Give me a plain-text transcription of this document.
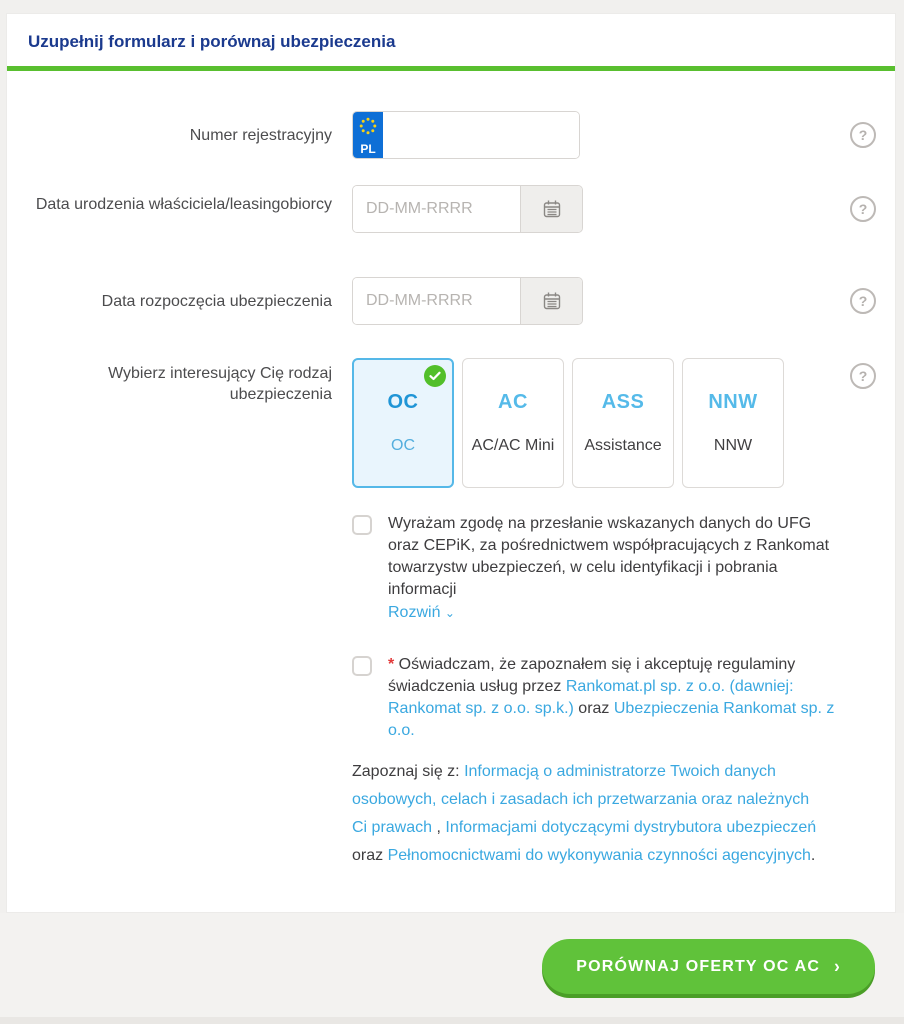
Uzupełnij formularz i porównaj ubezpieczenia
Numer rejestracyjny
PL
?
Data urodzenia właściciela/leasingobiorcy
DD-MM-RRRR	?
Data rozpoczęcia ubezpieczenia
DD-MM-RRRR	?
Wybierz interesujący Cię rodzaj ubezpieczenia	OC
OC
AC
AC/AC Mini
ASS
Assistance
NNW
NNW
?
Wyrażam zgodę na przesłanie wskazanych danych do UFG oraz CEPiK, za pośrednictwem współpracujących z Rankomat towarzystw ubezpieczeń, w celu identyfikacji i pobrania informacji
Rozwiń ⌄
* Oświadczam, że zapoznałem się i akceptuję regulaminy świadczenia usług przez Rankomat.pl sp. z o.o. (dawniej: Rankomat sp. z o.o. sp.k.) oraz Ubezpieczenia Rankomat sp. z o.o.

Zapoznaj się z: Informacją o administratorze Twoich danych osobowych, celach i zasadach ich przetwarzania oraz należnych Ci prawach , Informacjami dotyczącymi dystrybutora ubezpieczeń oraz Pełnomocnictwami do wykonywania czynności agencyjnych.

PORÓWNAJ OFERTY OC AC ›
